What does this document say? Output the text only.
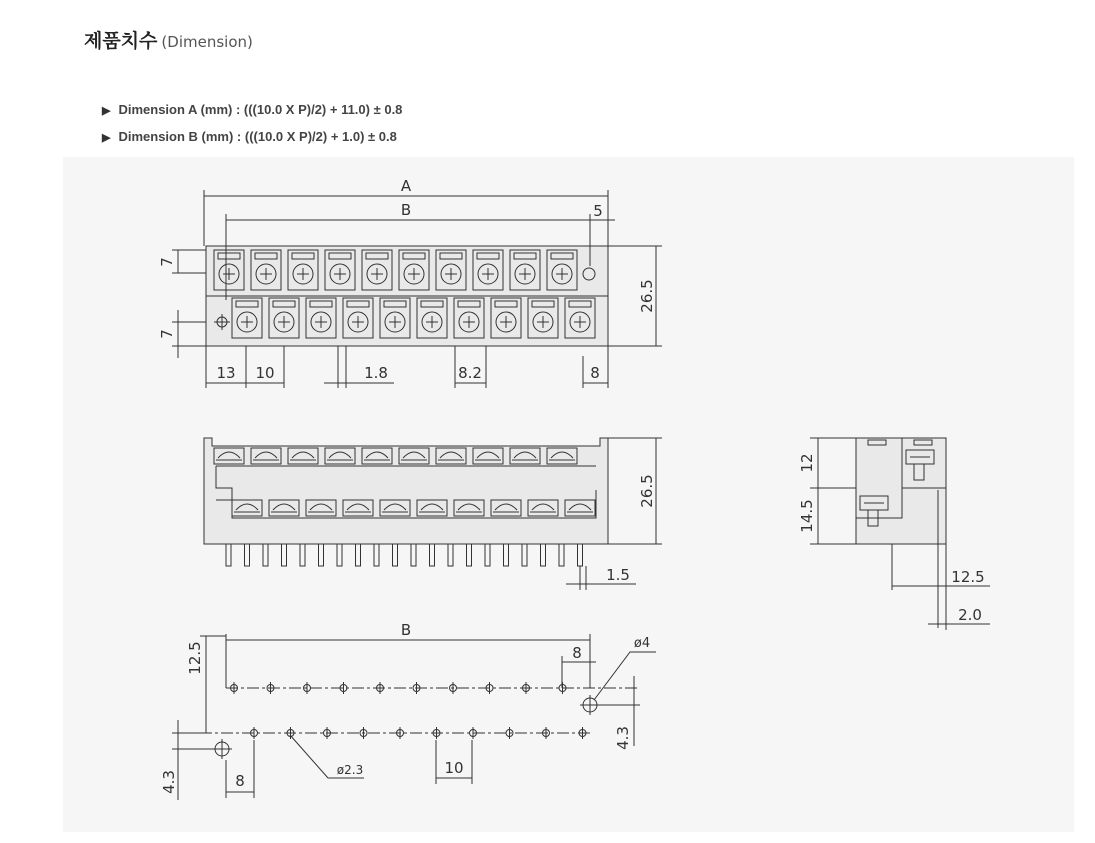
제품치수 (Dimension)
▶ Dimension A (mm) : (((10.0 X P)/2) + 11.0) ± 0.8
▶ Dimension B (mm) : (((10.0 X P)/2) + 1.0) ± 0.8
A
B	5
26.5
7
7
13 10	1.8	8.2	8
26.5
1.5
12
14.5
12.5
2.0
B
8
ø4
12.5
4.3
4.3	8
ø2.3	10
